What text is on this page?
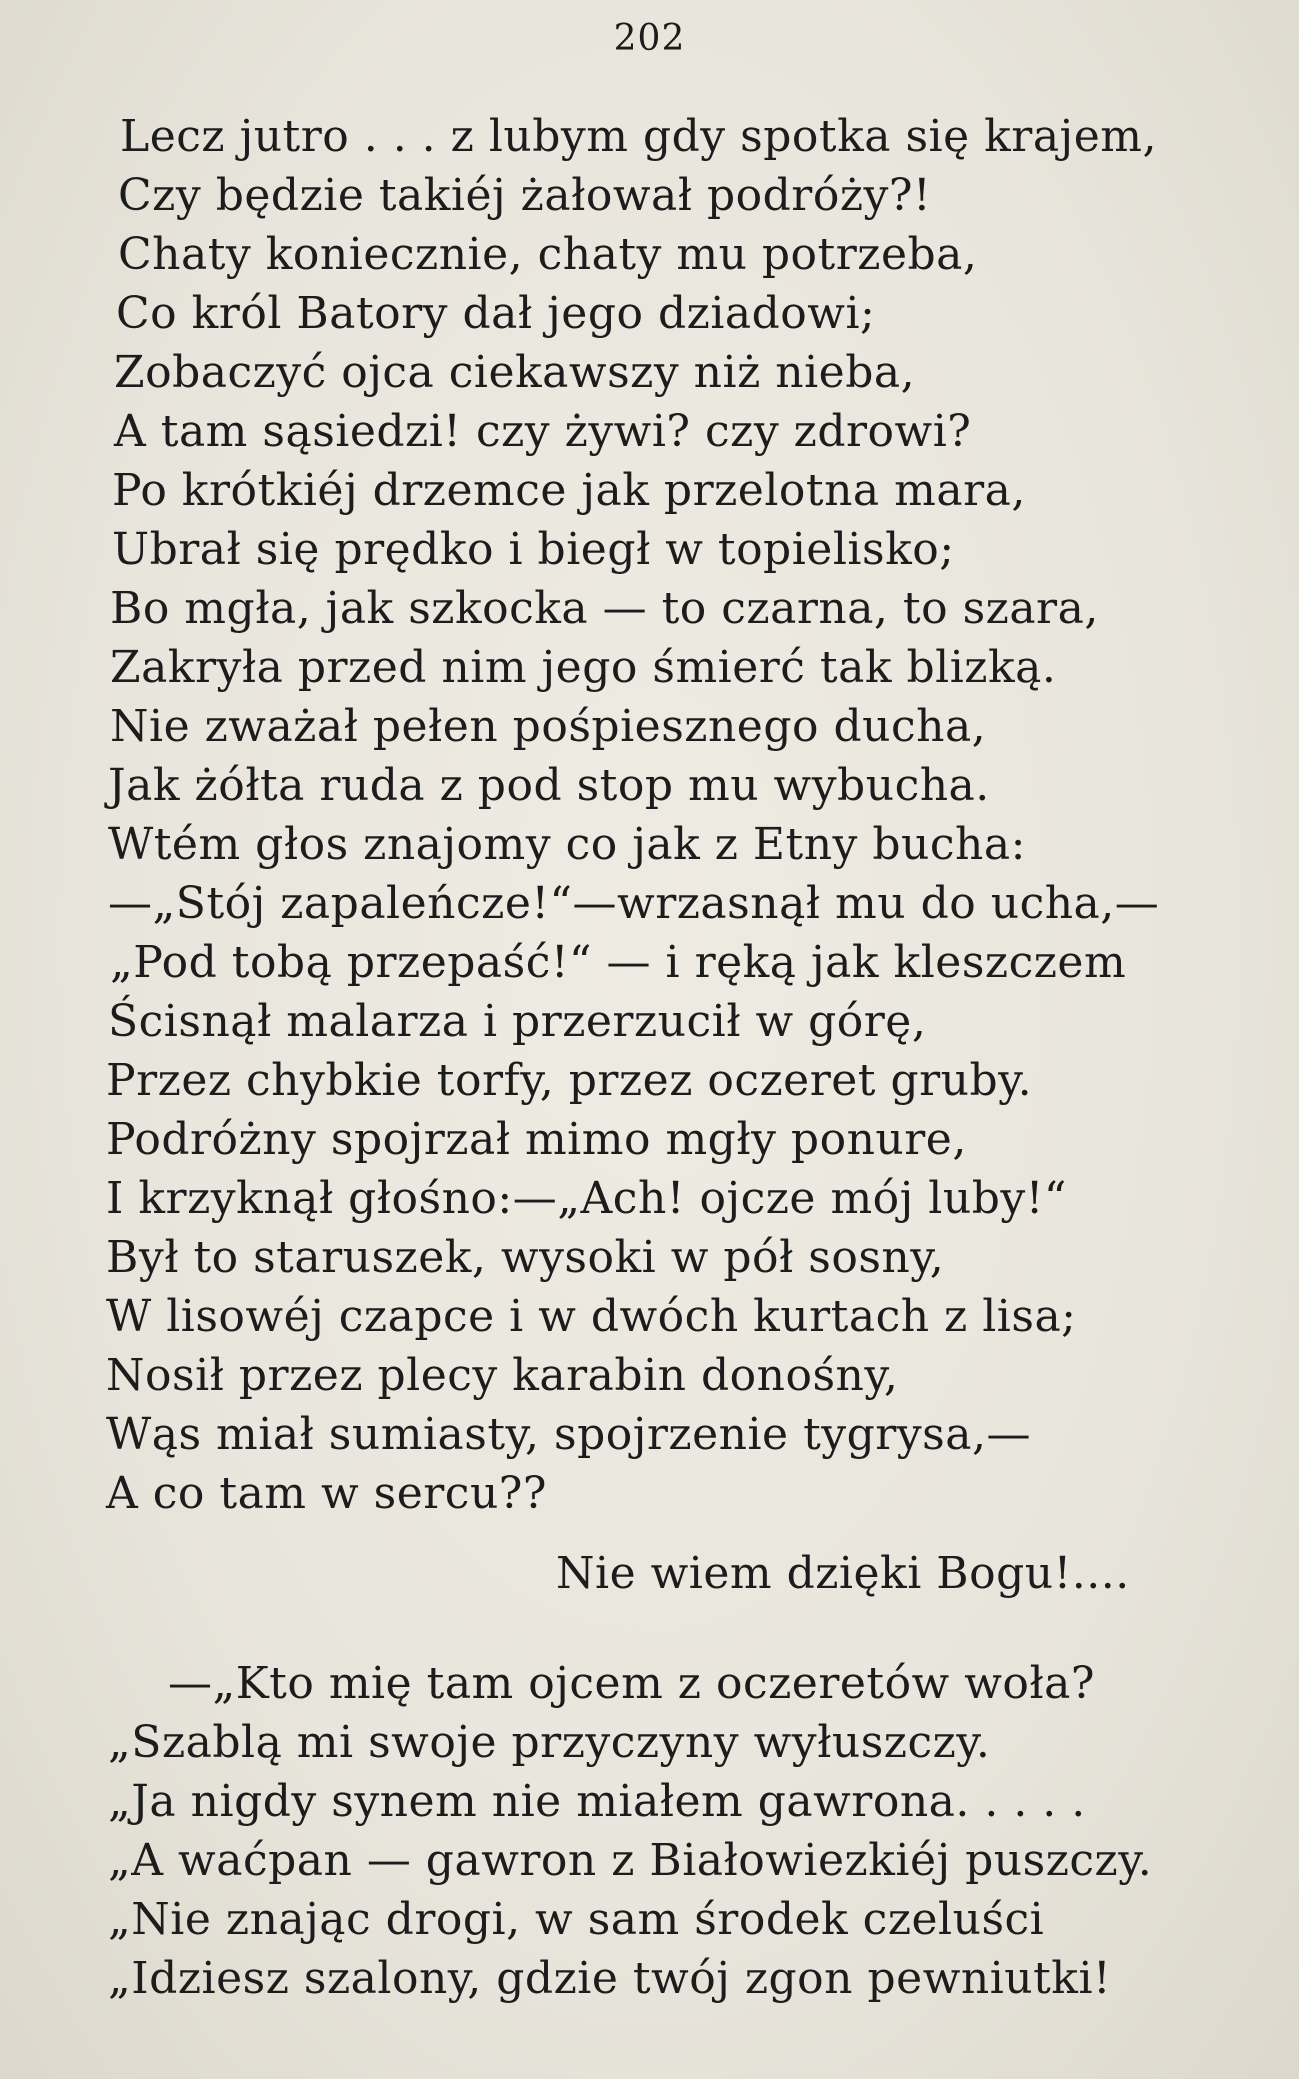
202
Lecz jutro . . . z lubym gdy spotka się krajem,
Czy będzie takiéj żałował podróży?!
Chaty koniecznie, chaty mu potrzeba,
Co król Batory dał jego dziadowi;
Zobaczyć ojca ciekawszy niż nieba,
A tam sąsiedzi! czy żywi? czy zdrowi?
Po krótkiéj drzemce jak przelotna mara,
Ubrał się prędko i biegł w topielisko;
Bo mgła, jak szkocka — to czarna, to szara,
Zakryła przed nim jego śmierć tak blizką.
Nie zważał pełen pośpiesznego ducha,
Jak żółta ruda z pod stop mu wybucha.
Wtém głos znajomy co jak z Etny bucha:
—„Stój zapaleńcze!“—wrzasnął mu do ucha,—
„Pod tobą przepaść!“ — i ręką jak kleszczem
Ścisnął malarza i przerzucił w górę,
Przez chybkie torfy, przez oczeret gruby.
Podróżny spojrzał mimo mgły ponure,
I krzyknął głośno:—„Ach! ojcze mój luby!“
Był to staruszek, wysoki w pół sosny,
W lisowéj czapce i w dwóch kurtach z lisa;
Nosił przez plecy karabin donośny,
Wąs miał sumiasty, spojrzenie tygrysa,—
A co tam w sercu??
Nie wiem dzięki Bogu!....
—„Kto mię tam ojcem z oczeretów woła?
„Szablą mi swoje przyczyny wyłuszczy.
„Ja nigdy synem nie miałem gawrona. . . . .
„A waćpan — gawron z Białowiezkiéj puszczy.
„Nie znając drogi, w sam środek czeluści
„Idziesz szalony, gdzie twój zgon pewniutki!
